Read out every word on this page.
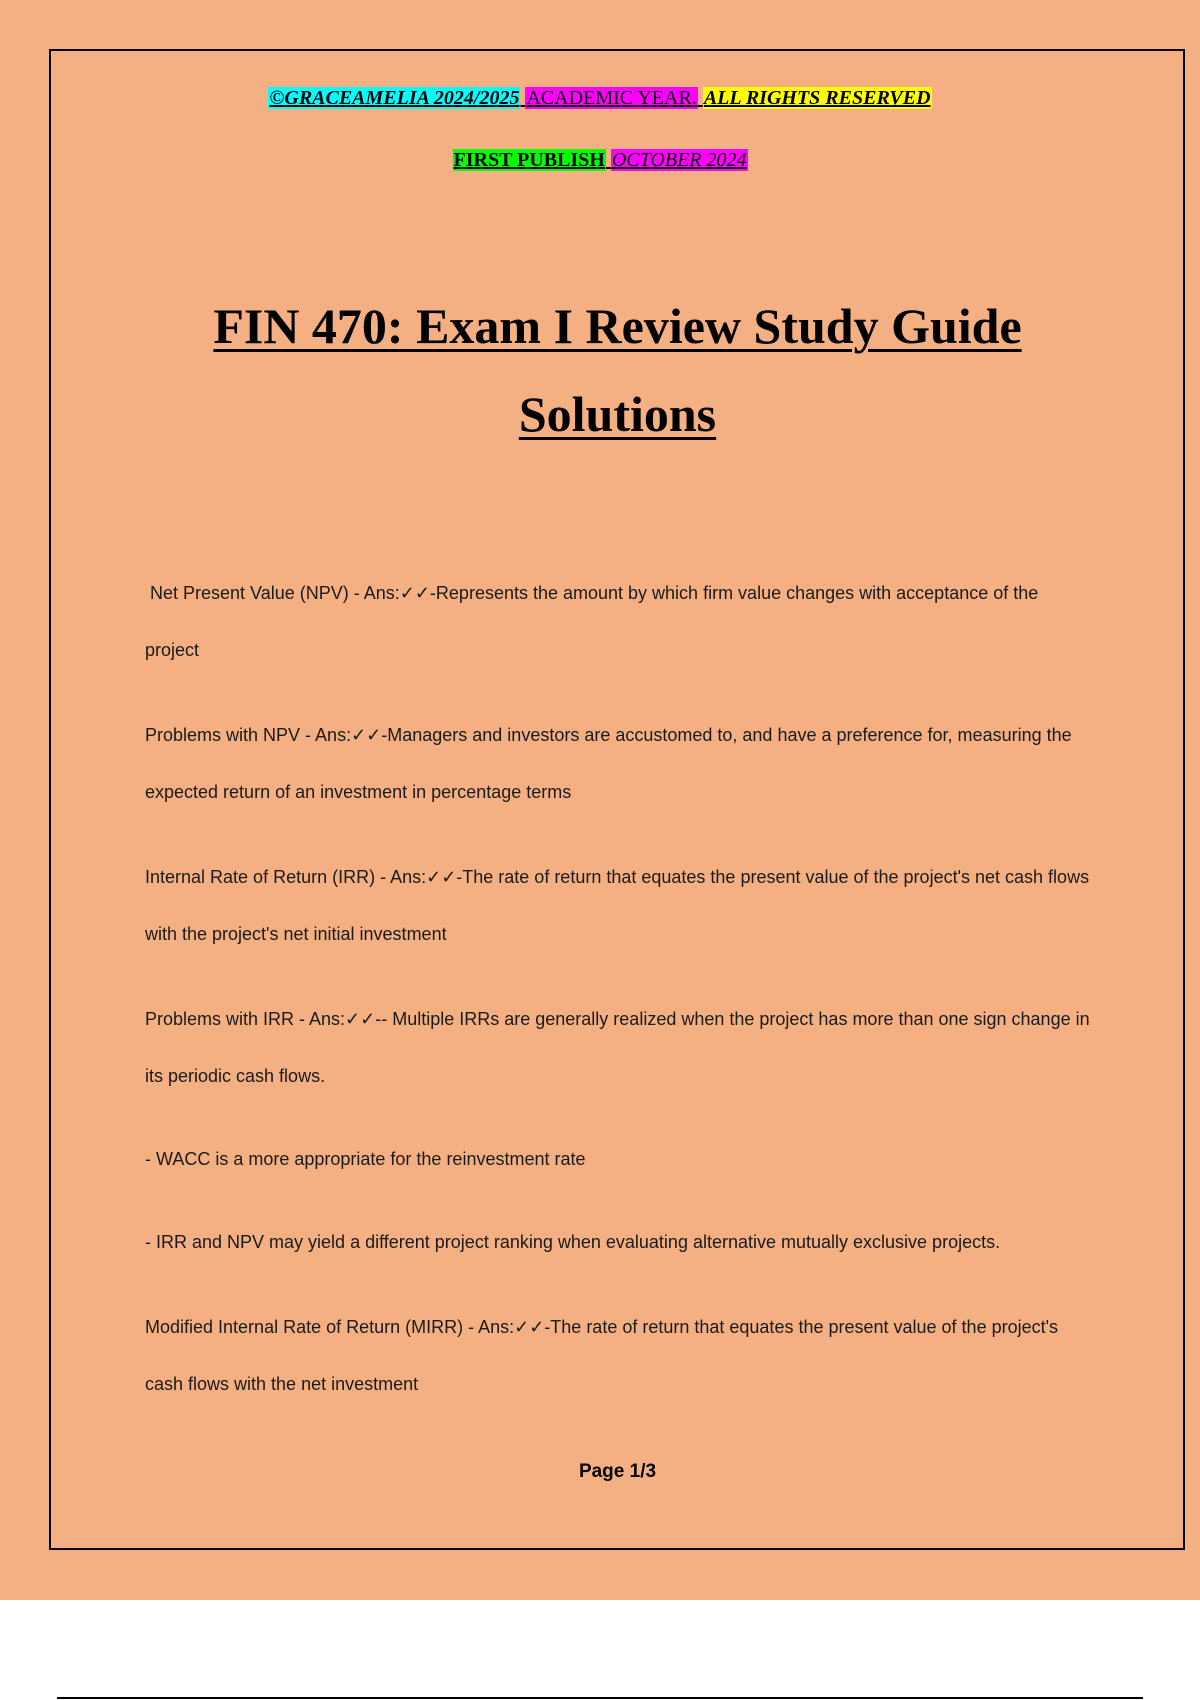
©GRACEAMELIA 2024/2025 ACADEMIC YEAR. ALL RIGHTS RESERVED
FIRST PUBLISH OCTOBER 2024
FIN 470: Exam I Review Study Guide
Solutions

Net Present Value (NPV) - Ans:✓✓-Represents the amount by which firm value changes with acceptance of the project

Problems with NPV - Ans:✓✓-Managers and investors are accustomed to, and have a preference for, measuring the expected return of an investment in percentage terms

Internal Rate of Return (IRR) - Ans:✓✓-The rate of return that equates the present value of the project's net cash flows with the project's net initial investment

Problems with IRR - Ans:✓✓-- Multiple IRRs are generally realized when the project has more than one sign change in its periodic cash flows.

- WACC is a more appropriate for the reinvestment rate

- IRR and NPV may yield a different project ranking when evaluating alternative mutually exclusive projects.

Modified Internal Rate of Return (MIRR) - Ans:✓✓-The rate of return that equates the present value of the project's cash flows with the net investment

Page 1/3
